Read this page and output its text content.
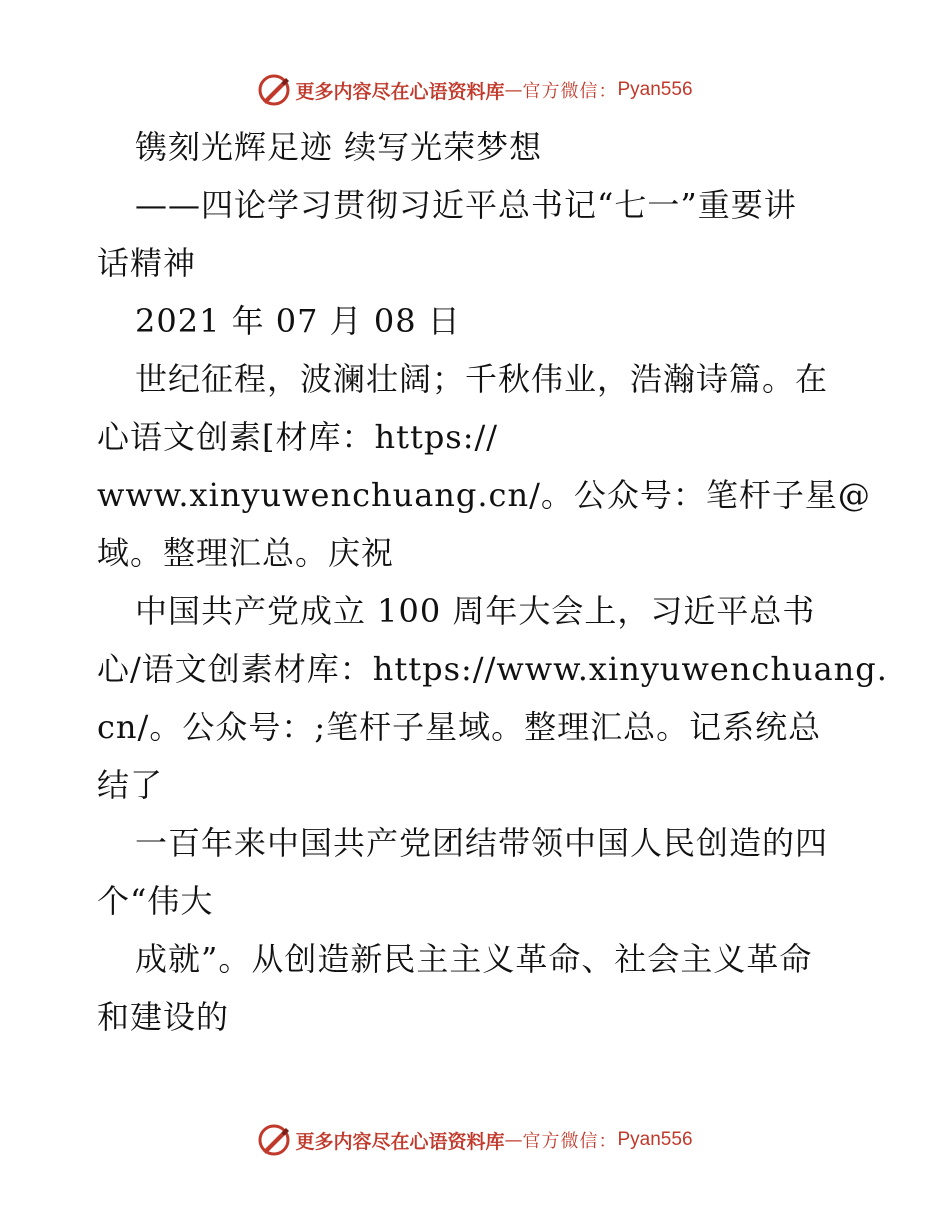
更多内容尽在心语资料库 — 官方微信： Pyan556
镌刻光辉足迹 续写光荣梦想
——四论学习贯彻习近平总书记“七一”重要讲
话精神
2021 年 07 月 08 日
世纪征程，波澜壮阔；千秋伟业，浩瀚诗篇。在
心语文创素[材库：https://
www.xinyuwenchuang.cn/。公众号：笔杆子星@
域。整理汇总。庆祝
中国共产党成立 100 周年大会上，习近平总书
心/语文创素材库：https://www.xinyuwenchuang.
cn/。公众号：;笔杆子星域。整理汇总。记系统总
结了
一百年来中国共产党团结带领中国人民创造的四
个“伟大
成就”。从创造新民主主义革命、社会主义革命
和建设的
更多内容尽在心语资料库 — 官方微信： Pyan556
